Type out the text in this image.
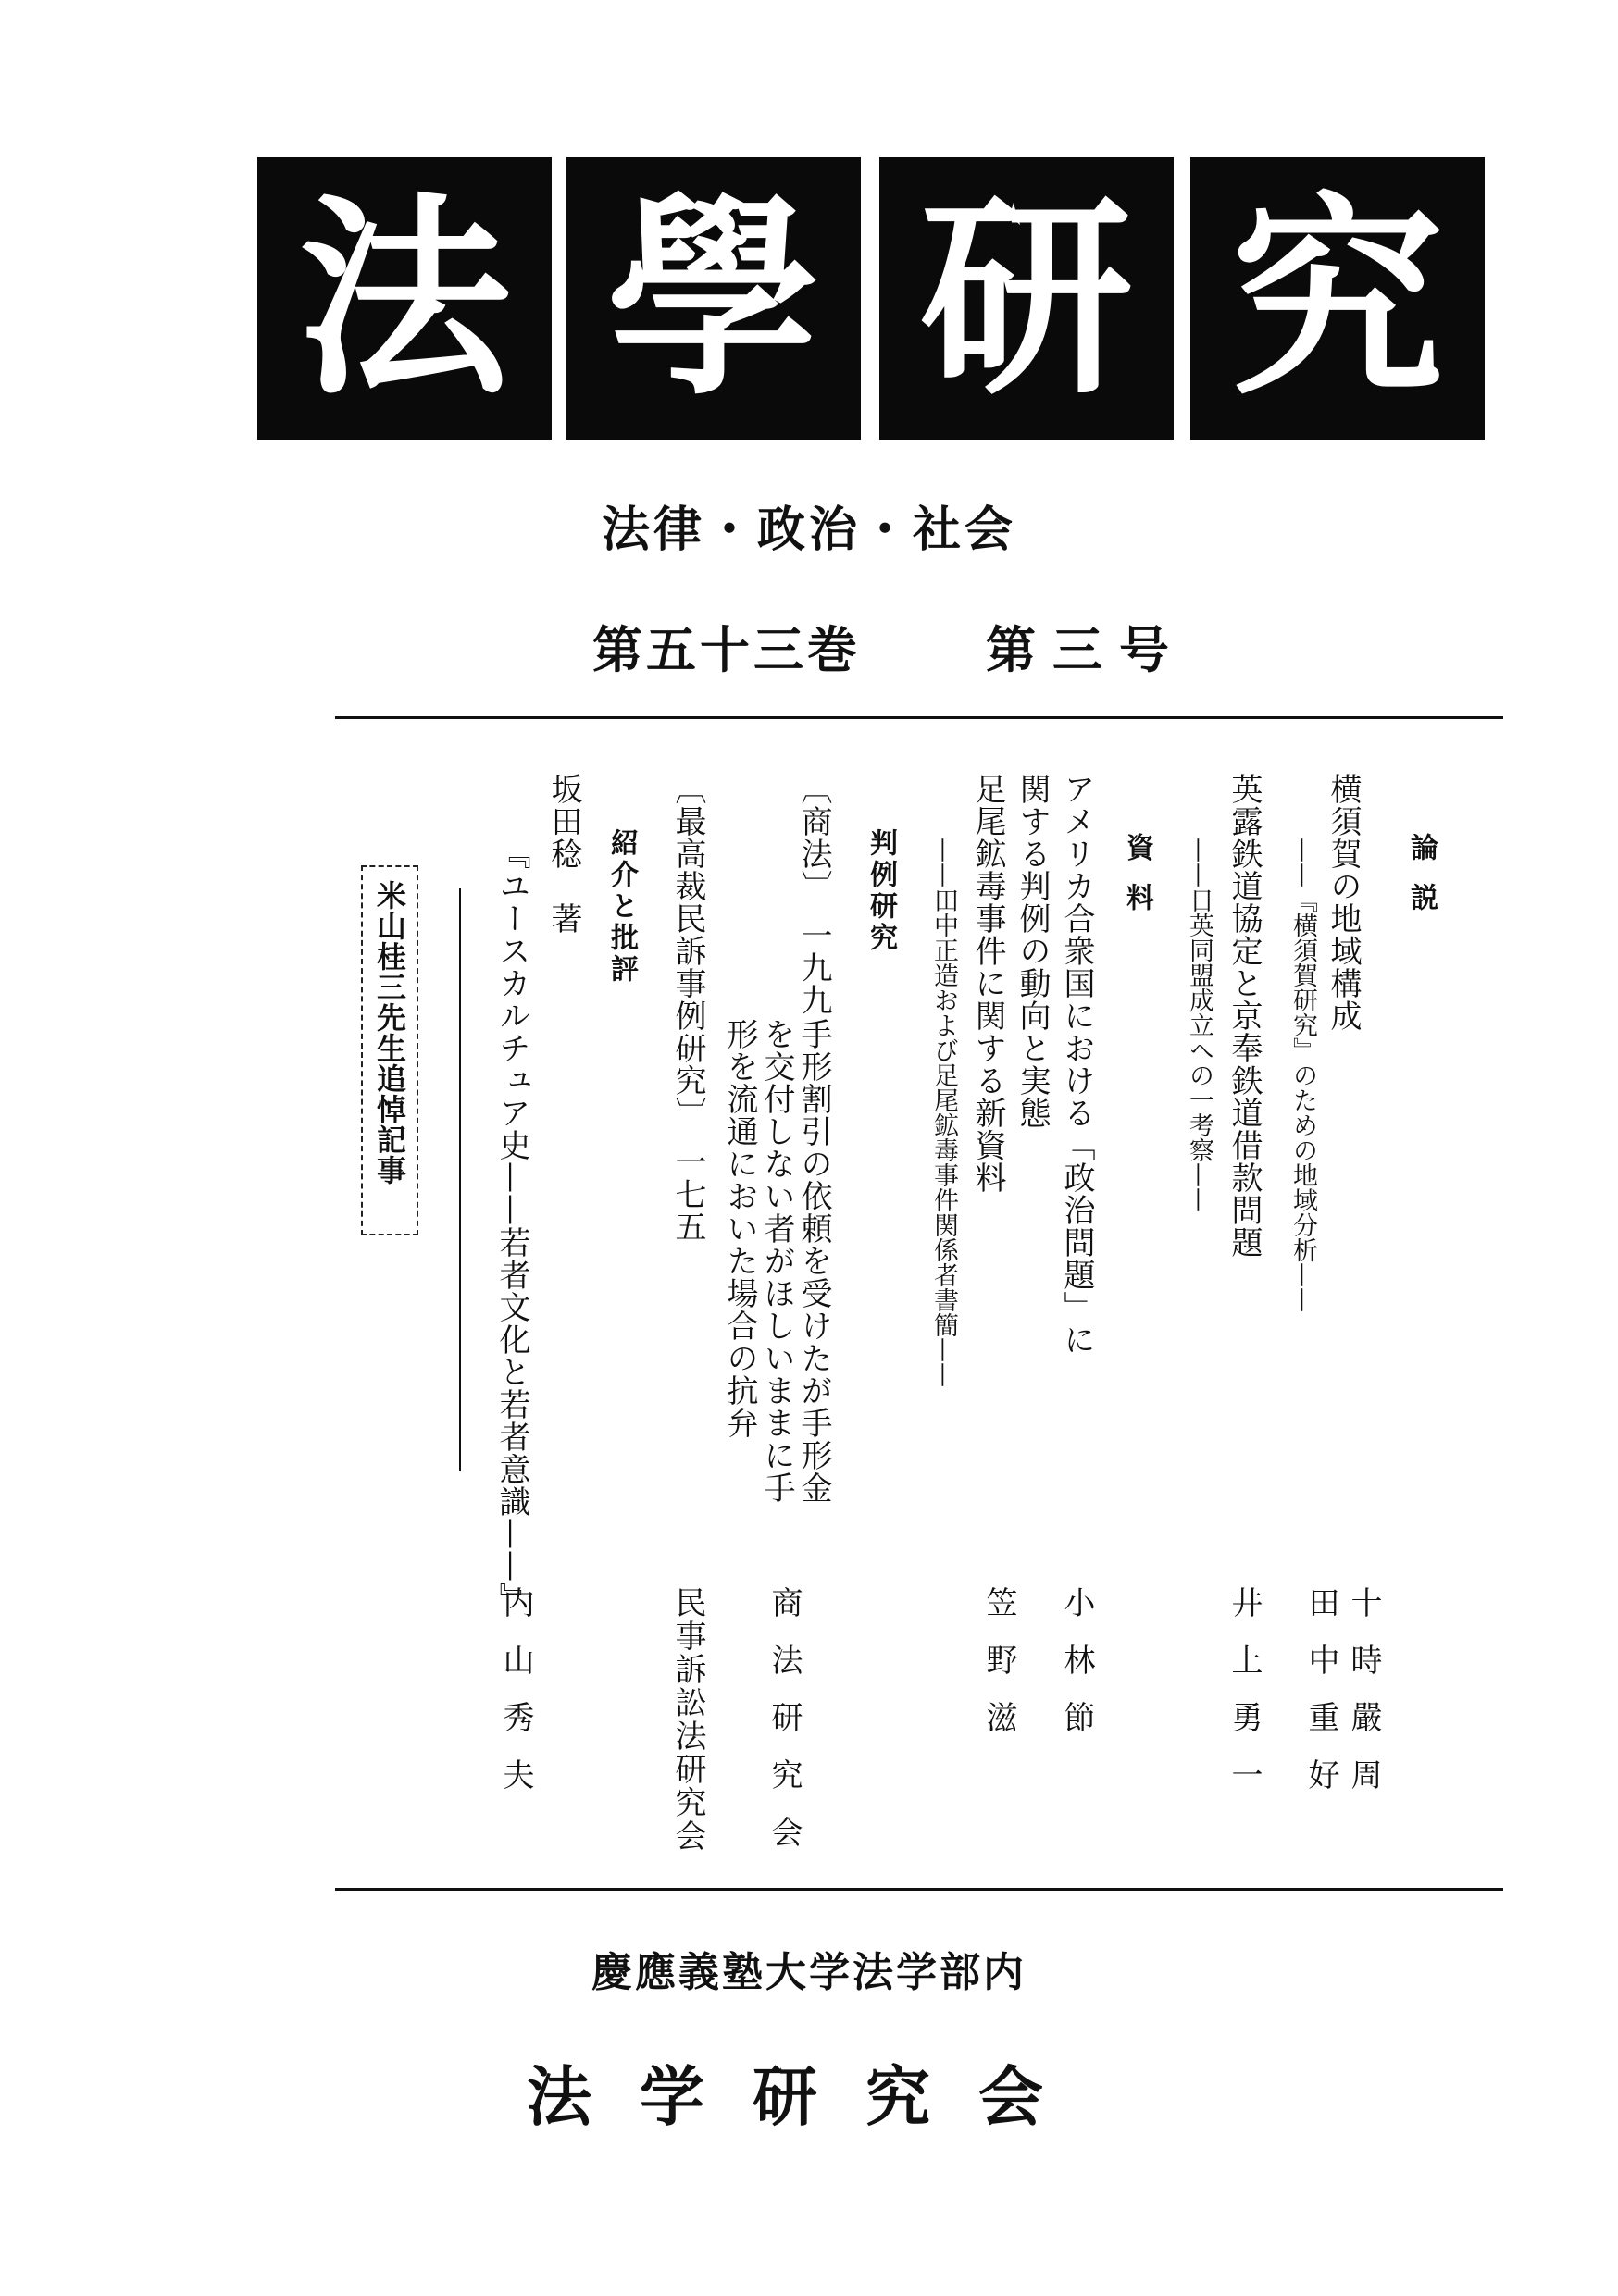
法 學 研 究
法律・政治・社会
第五十三巻	第三号
論説
横須賀の地域構成
——『横須賀研究』のための地域分析——
十時嚴周
田中重好
英露鉄道協定と京奉鉄道借款問題
——日英同盟成立への一考察——
井上勇一
資料
アメリカ合衆国における「政治問題」に
関する判例の動向と実態
小林節
足尾鉱毒事件に関する新資料
——田中正造および足尾鉱毒事件関係者書簡——
笠野滋
判例研究
〔商法〕　一九九
手形割引の依頼を受けたが手形金
を交付しない者がほしいままに手
形を流通においた場合の抗弁
商法研究会
〔最高裁民訴事例研究〕　一七五
民事訴訟法研究会
紹介と批評
坂田稔　著
『ユースカルチュア史——若者文化と若者意識——』
内山秀夫
米山桂三先生追悼記事
慶應義塾大学法学部内
法学研究会
